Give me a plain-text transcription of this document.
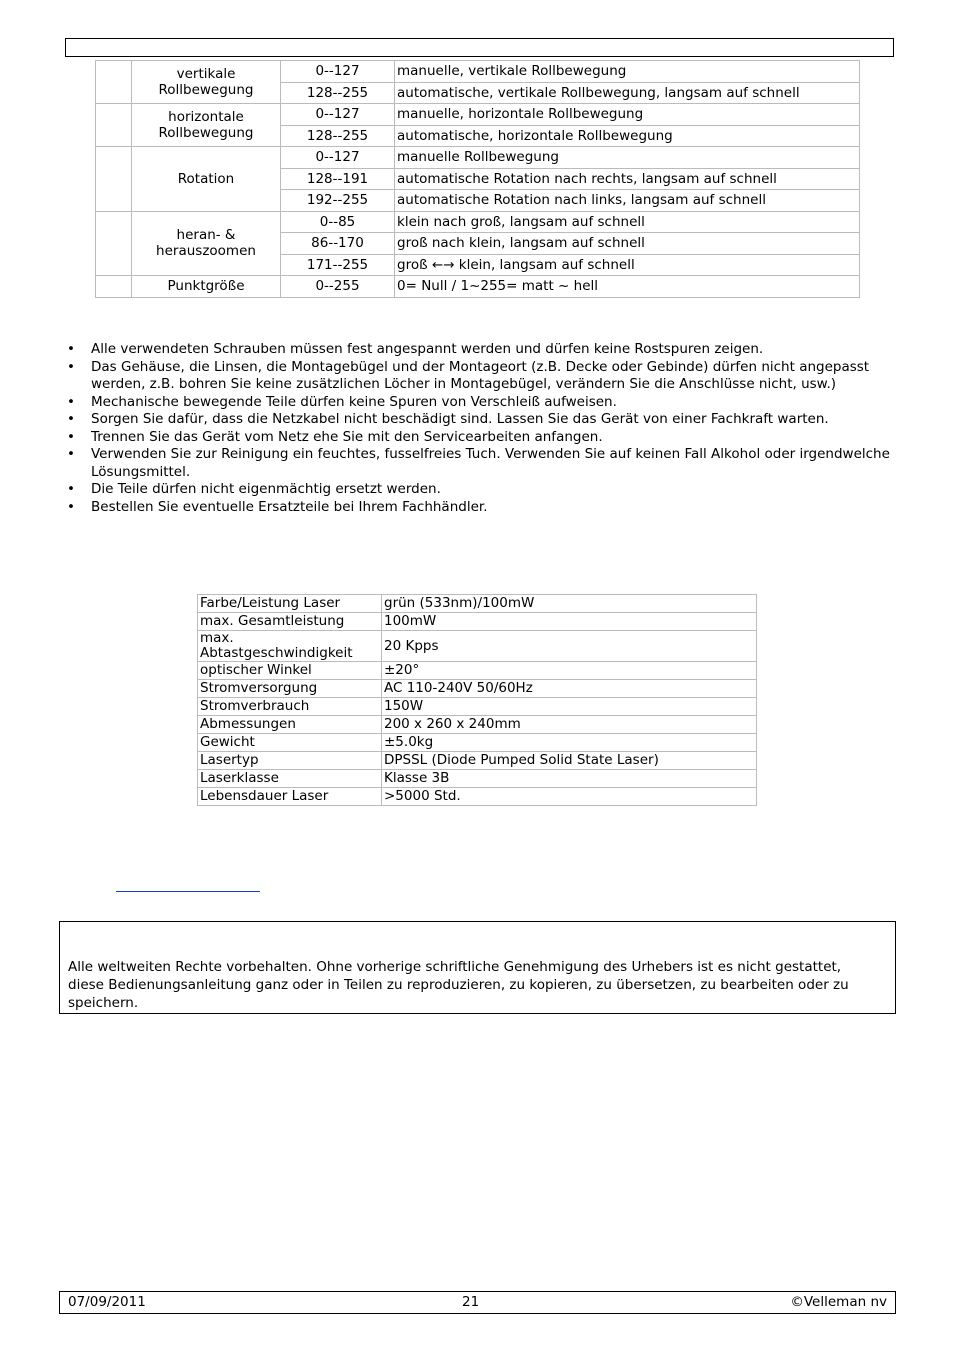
	vertikale Rollbewegung	0--127	manuelle, vertikale Rollbewegung
		128--255	automatische, vertikale Rollbewegung, langsam auf schnell
	horizontale Rollbewegung	0--127	manuelle, horizontale Rollbewegung
		128--255	automatische, horizontale Rollbewegung
	Rotation	0--127	manuelle Rollbewegung
		128--191	automatische Rotation nach rechts, langsam auf schnell
		192--255	automatische Rotation nach links, langsam auf schnell
	heran- & herauszoomen	0--85	klein nach groß, langsam auf schnell
		86--170	groß nach klein, langsam auf schnell
		171--255	groß ←→ klein, langsam auf schnell
	Punktgröße	0--255	0= Null / 1~255= matt ~ hell
• Alle verwendeten Schrauben müssen fest angespannt werden und dürfen keine Rostspuren zeigen.
• Das Gehäuse, die Linsen, die Montagebügel und der Montageort (z.B. Decke oder Gebinde) dürfen nicht angepasst werden, z.B. bohren Sie keine zusätzlichen Löcher in Montagebügel, verändern Sie die Anschlüsse nicht, usw.)
• Mechanische bewegende Teile dürfen keine Spuren von Verschleiß aufweisen.
• Sorgen Sie dafür, dass die Netzkabel nicht beschädigt sind. Lassen Sie das Gerät von einer Fachkraft warten.
• Trennen Sie das Gerät vom Netz ehe Sie mit den Servicearbeiten anfangen.
• Verwenden Sie zur Reinigung ein feuchtes, fusselfreies Tuch. Verwenden Sie auf keinen Fall Alkohol oder irgendwelche Lösungsmittel.
• Die Teile dürfen nicht eigenmächtig ersetzt werden.
• Bestellen Sie eventuelle Ersatzteile bei Ihrem Fachhändler.
Farbe/Leistung Laser	grün (533nm)/100mW
max. Gesamtleistung	100mW
max. Abtastgeschwindigkeit	20 Kpps
optischer Winkel	±20°
Stromversorgung	AC 110-240V 50/60Hz
Stromverbrauch	150W
Abmessungen	200 x 260 x 240mm
Gewicht	±5.0kg
Lasertyp	DPSSL (Diode Pumped Solid State Laser)
Laserklasse	Klasse 3B
Lebensdauer Laser	>5000 Std.

Alle weltweiten Rechte vorbehalten. Ohne vorherige schriftliche Genehmigung des Urhebers ist es nicht gestattet, diese Bedienungsanleitung ganz oder in Teilen zu reproduzieren, zu kopieren, zu übersetzen, zu bearbeiten oder zu speichern.

07/09/2011	21	©Velleman nv
